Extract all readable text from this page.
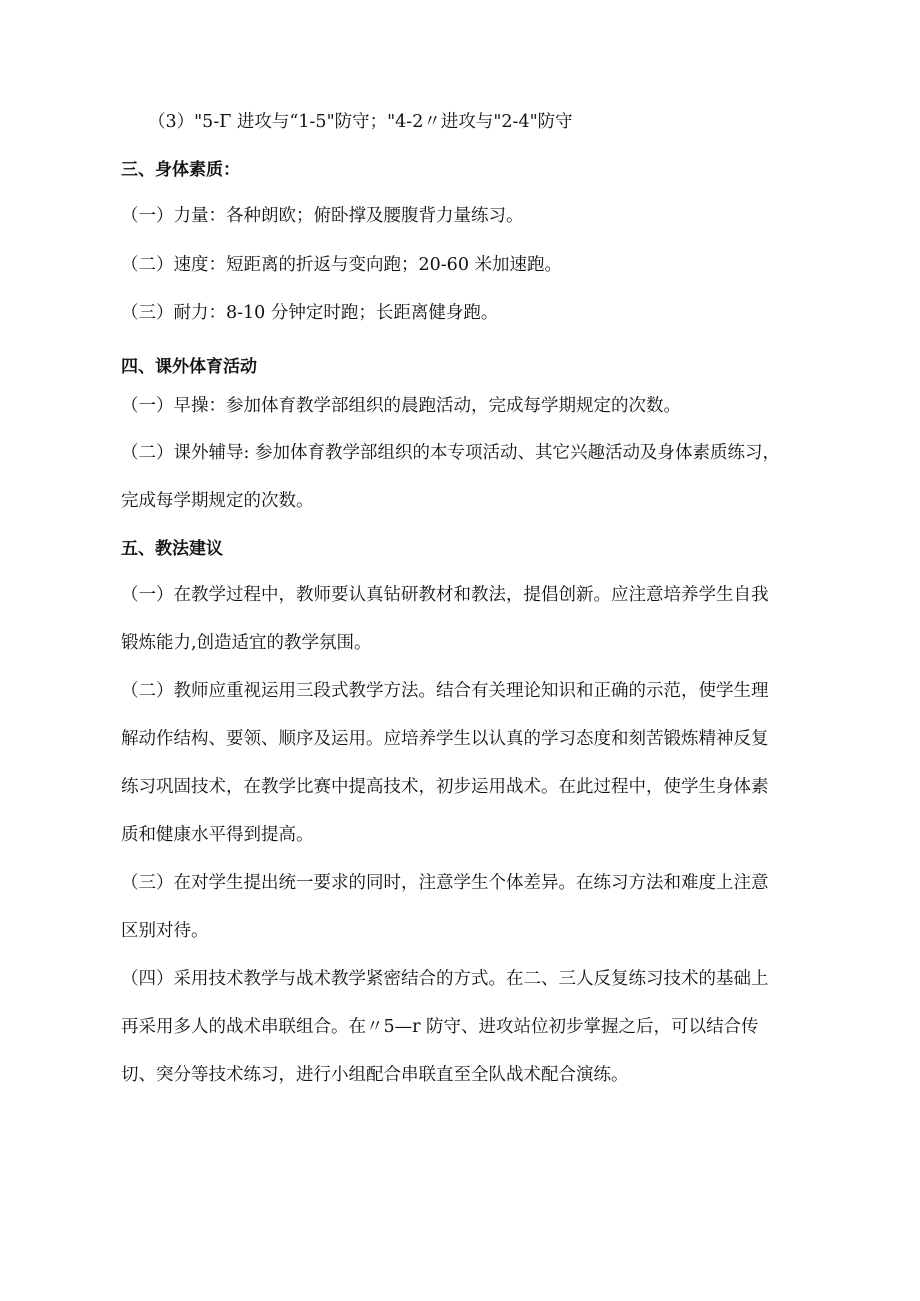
（3）"5-Γ 进攻与“1-5"防守；"4-2〃进攻与"2-4"防守
三、身体素质：
（一）力量：各种朗欧；俯卧撑及腰腹背力量练习。
（二）速度：短距离的折返与变向跑；20-60 米加速跑。
（三）耐力：8-10 分钟定时跑；长距离健身跑。
四、课外体育活动
（一）早操：参加体育教学部组织的晨跑活动，完成每学期规定的次数。
（二）课外辅导: 参加体育教学部组织的本专项活动、其它兴趣活动及身体素质练习，
完成每学期规定的次数。
五、教法建议
（一）在教学过程中，教师要认真钻研教材和教法，提倡创新。应注意培养学生自我
锻炼能力,创造适宜的教学氛围。
（二）教师应重视运用三段式教学方法。结合有关理论知识和正确的示范，使学生理
解动作结构、要领、顺序及运用。应培养学生以认真的学习态度和刻苦锻炼精神反复
练习巩固技术，在教学比赛中提高技术，初步运用战术。在此过程中，使学生身体素
质和健康水平得到提高。
（三）在对学生提出统一要求的同时，注意学生个体差异。在练习方法和难度上注意
区别对待。
（四）采用技术教学与战术教学紧密结合的方式。在二、三人反复练习技术的基础上
再采用多人的战术串联组合。在〃5—r 防守、进攻站位初步掌握之后，可以结合传
切、突分等技术练习，进行小组配合串联直至全队战术配合演练。
